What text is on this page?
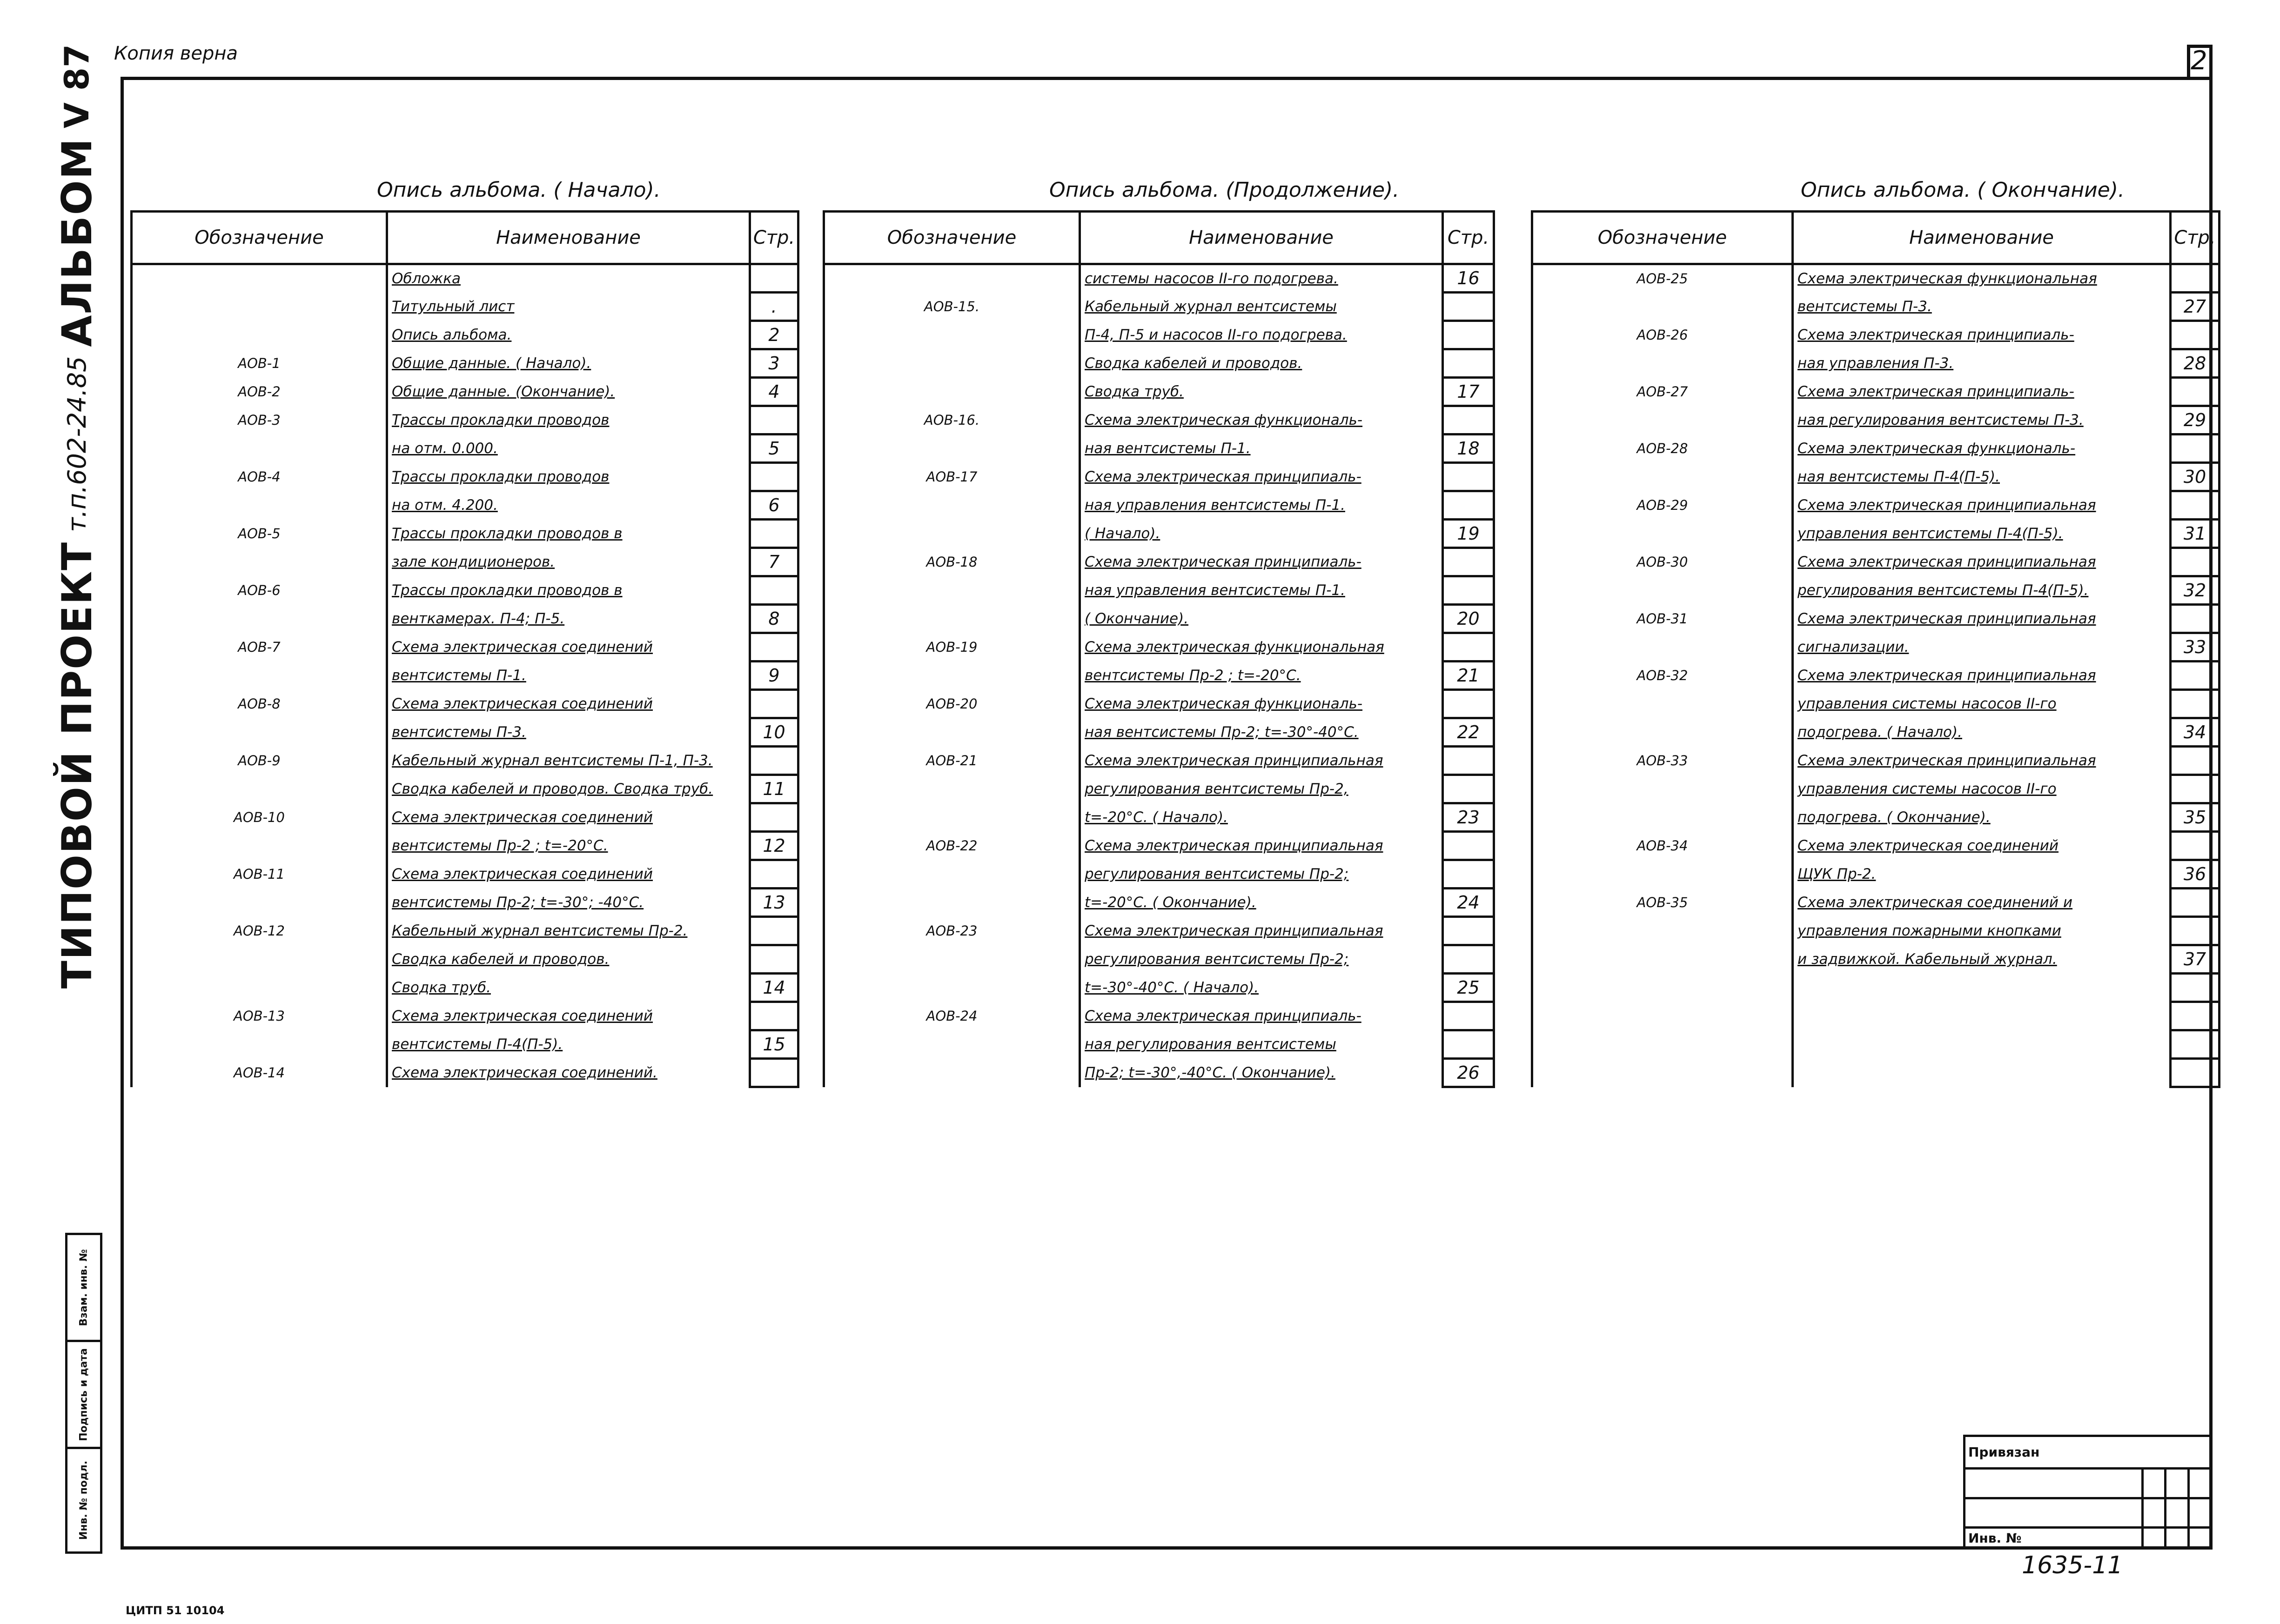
Копия верна	2
ТИПОВОЙ ПРОЕКТ
т.п.602-24.85
АЛЬБОМ
V 87
Опись альбома. ( Начало).	Опись альбома. (Продолжение).	Опись альбома. ( Окончание).
Обозначение	Наименование	Стр.
	Обложка	
	Титульный лист	.
	Опись альбома.	2
АОВ-1	Общие данные. ( Начало).	3
АОВ-2	Общие данные. (Окончание).	4
АОВ-3	Трассы прокладки проводов	
	на отм. 0.000.	5
АОВ-4	Трассы прокладки проводов	
	на отм. 4.200.	6
АОВ-5	Трассы прокладки проводов в	
	зале кондиционеров.	7
АОВ-6	Трассы прокладки проводов в	
	венткамерах. П-4; П-5.	8
АОВ-7	Схема электрическая соединений	
	вентсистемы П-1.	9
АОВ-8	Схема электрическая соединений	
	вентсистемы П-3.	10
АОВ-9	Кабельный журнал вентсистемы П-1, П-3.	
	Сводка кабелей и проводов. Сводка труб.	11
АОВ-10	Схема электрическая соединений	
	вентсистемы Пр-2 ; t=-20°С.	12
АОВ-11	Схема электрическая соединений	
	вентсистемы Пр-2; t=-30°; -40°С.	13
АОВ-12	Кабельный журнал вентсистемы Пр-2.	
	Сводка кабелей и проводов.	
	Сводка труб.	14
АОВ-13	Схема электрическая соединений	
	вентсистемы П-4(П-5).	15
АОВ-14	Схема электрическая соединений.	
Обозначение	Наименование	Стр.
	системы насосов II-го подогрева.	16
АОВ-15.	Кабельный журнал вентсистемы	
	П-4, П-5 и насосов II-го подогрева.	
	Сводка кабелей и проводов.	
	Сводка труб.	17
АОВ-16.	Схема электрическая функциональ-	
	ная вентсистемы П-1.	18
АОВ-17	Схема электрическая принципиаль-	
	ная управления вентсистемы П-1.	
	( Начало).	19
АОВ-18	Схема электрическая принципиаль-	
	ная управления вентсистемы П-1.	
	( Окончание).	20
АОВ-19	Схема электрическая функциональная	
	вентсистемы Пр-2 ; t=-20°С.	21
АОВ-20	Схема электрическая функциональ-	
	ная вентсистемы Пр-2; t=-30°-40°С.	22
АОВ-21	Схема электрическая принципиальная	
	регулирования вентсистемы Пр-2,	
	t=-20°С. ( Начало).	23
АОВ-22	Схема электрическая принципиальная	
	регулирования вентсистемы Пр-2;	
	t=-20°С. ( Окончание).	24
АОВ-23	Схема электрическая принципиальная	
	регулирования вентсистемы Пр-2;	
	t=-30°-40°С. ( Начало).	25
АОВ-24	Схема электрическая принципиаль-	
	ная регулирования вентсистемы	
	Пр-2; t=-30°,-40°С. ( Окончание).	26
Обозначение	Наименование	Стр.
АОВ-25	Схема электрическая функциональная	
	вентсистемы П-3.	27
АОВ-26	Схема электрическая принципиаль-	
	ная управления П-3.	28
АОВ-27	Схема электрическая принципиаль-	
	ная регулирования вентсистемы П-3.	29
АОВ-28	Схема электрическая функциональ-	
	ная вентсистемы П-4(П-5).	30
АОВ-29	Схема электрическая принципиальная	
	управления вентсистемы П-4(П-5).	31
АОВ-30	Схема электрическая принципиальная	
	регулирования вентсистемы П-4(П-5).	32
АОВ-31	Схема электрическая принципиальная	
	сигнализации.	33
АОВ-32	Схема электрическая принципиальная	
	управления системы насосов II-го	
	подогрева. ( Начало).	34
АОВ-33	Схема электрическая принципиальная	
	управления системы насосов II-го	
	подогрева. ( Окончание).	35
АОВ-34	Схема электрическая соединений	
	ЩУК Пр-2.	36
АОВ-35	Схема электрическая соединений и	
	управления пожарными кнопками	
	и задвижкой. Кабельный журнал.	37

Взам. инв. №
Подпись и дата
Инв. № подл.
Привязан			

Инв. №			
1635-11
ЦИТП 51 10104
